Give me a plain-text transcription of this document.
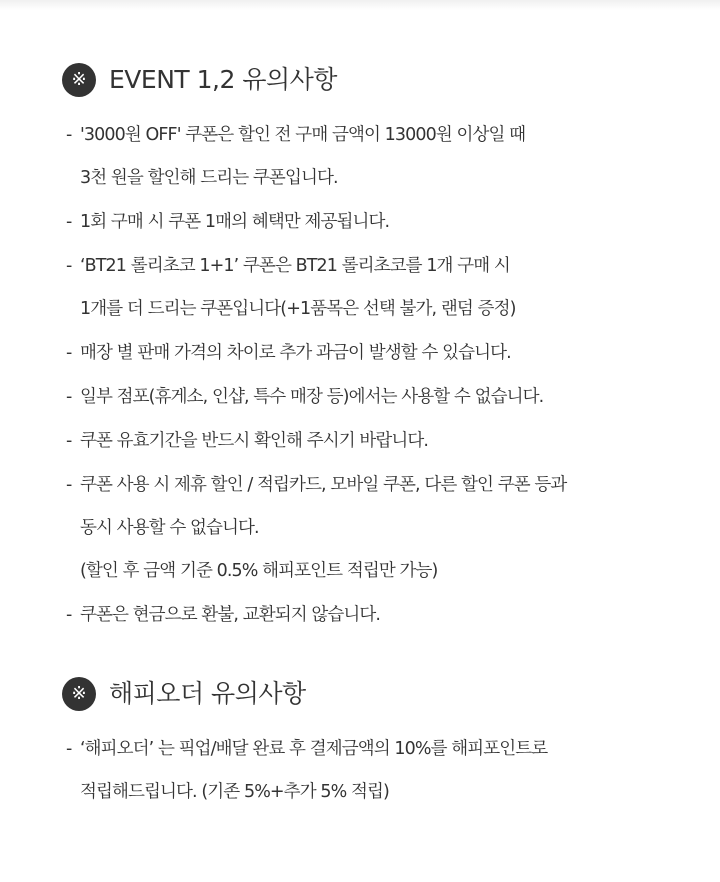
※ EVENT 1,2 유의사항
- '3000원 OFF' 쿠폰은 할인 전 구매 금액이 13000원 이상일 때
3천 원을 할인해 드리는 쿠폰입니다.
- 1회 구매 시 쿠폰 1매의 혜택만 제공됩니다.
- ‘BT21 롤리초코 1+1’ 쿠폰은 BT21 롤리초코를 1개 구매 시
1개를 더 드리는 쿠폰입니다(+1품목은 선택 불가, 랜덤 증정)
- 매장 별 판매 가격의 차이로 추가 과금이 발생할 수 있습니다.
- 일부 점포(휴게소, 인샵, 특수 매장 등)에서는 사용할 수 없습니다.
- 쿠폰 유효기간을 반드시 확인해 주시기 바랍니다.
- 쿠폰 사용 시 제휴 할인 / 적립카드, 모바일 쿠폰, 다른 할인 쿠폰 등과
동시 사용할 수 없습니다.
(할인 후 금액 기준 0.5% 해피포인트 적립만 가능)
- 쿠폰은 현금으로 환불, 교환되지 않습니다.
※ 해피오더 유의사항
- ‘해피오더’ 는 픽업/배달 완료 후 결제금액의 10%를 해피포인트로
적립해드립니다. (기존 5%+추가 5% 적립)
